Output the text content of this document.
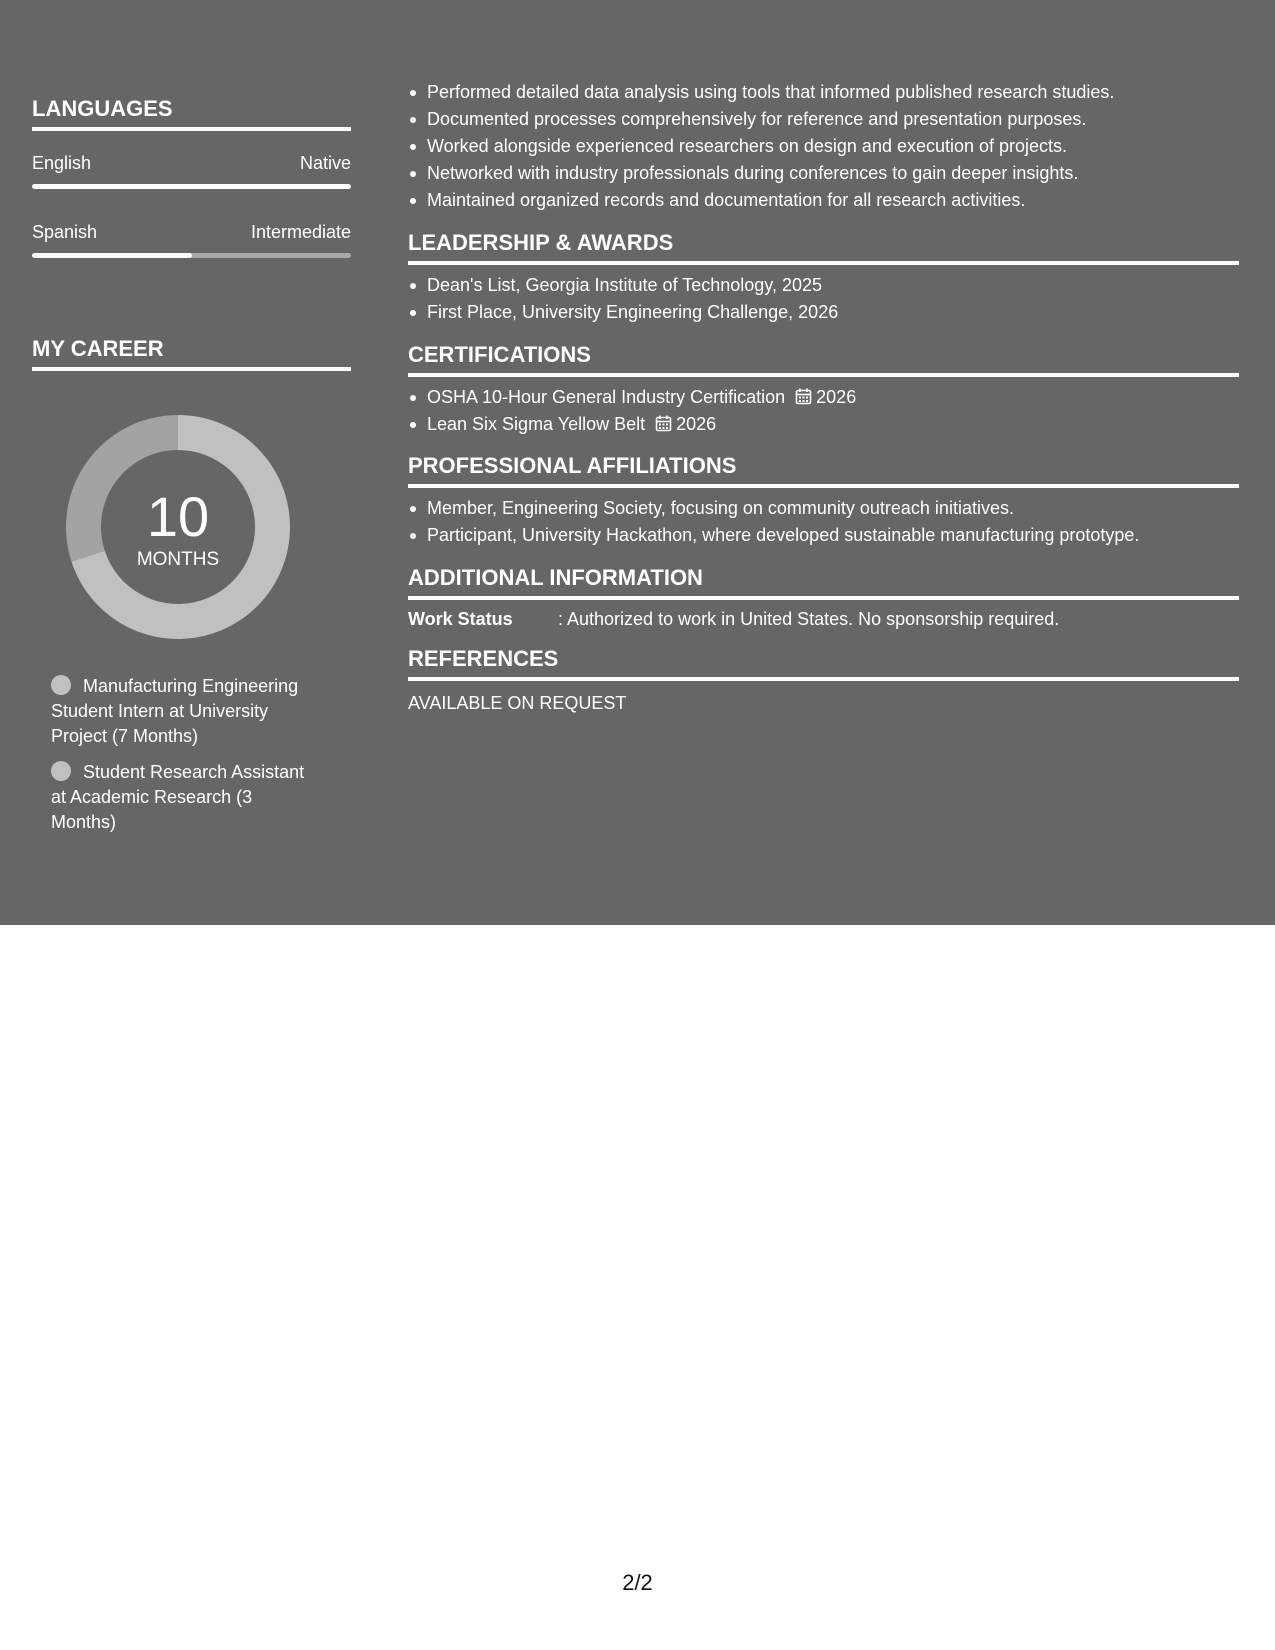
LANGUAGES
English	Native
Spanish	Intermediate
MY CAREER
10
MONTHS
Manufacturing Engineering Student Intern at University Project (7 Months)
Student Research Assistant at Academic Research (3 Months)
Performed detailed data analysis using tools that informed published research studies.
Documented processes comprehensively for reference and presentation purposes.
Worked alongside experienced researchers on design and execution of projects.
Networked with industry professionals during conferences to gain deeper insights.
Maintained organized records and documentation for all research activities.
LEADERSHIP & AWARDS
Dean's List, Georgia Institute of Technology, 2025
First Place, University Engineering Challenge, 2026
CERTIFICATIONS
OSHA 10-Hour General Industry Certification 2026
Lean Six Sigma Yellow Belt 2026
PROFESSIONAL AFFILIATIONS
Member, Engineering Society, focusing on community outreach initiatives.
Participant, University Hackathon, where developed sustainable manufacturing prototype.
ADDITIONAL INFORMATION
Work Status	: Authorized to work in United States. No sponsorship required.
REFERENCES
AVAILABLE ON REQUEST
2/2
